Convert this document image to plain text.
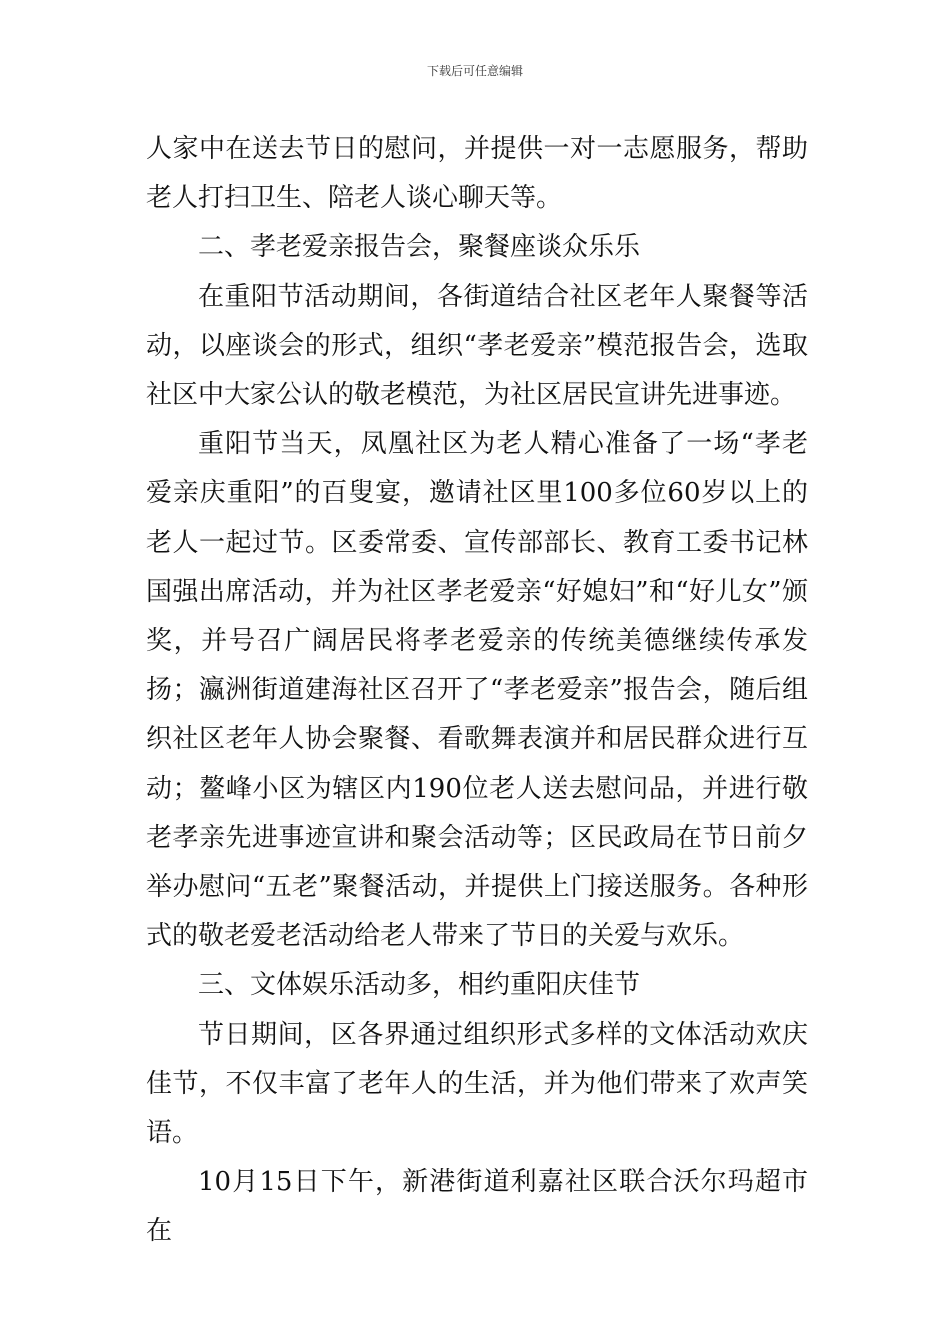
下载后可任意编辑

人家中在送去节日的慰问，并提供一对一志愿服务，帮助老人打扫卫生、陪老人谈心聊天等。

二、孝老爱亲报告会，聚餐座谈众乐乐

在重阳节活动期间，各街道结合社区老年人聚餐等活动，以座谈会的形式，组织“孝老爱亲”模范报告会，选取社区中大家公认的敬老模范，为社区居民宣讲先进事迹。

重阳节当天，凤凰社区为老人精心准备了一场“孝老爱亲庆重阳”的百叟宴，邀请社区里100多位60岁以上的老人一起过节。区委常委、宣传部部长、教育工委书记林国强出席活动，并为社区孝老爱亲“好媳妇”和“好儿女”颁奖，并号召广阔居民将孝老爱亲的传统美德继续传承发扬；瀛洲街道建海社区召开了“孝老爱亲”报告会，随后组织社区老年人协会聚餐、看歌舞表演并和居民群众进行互动；鳌峰小区为辖区内190位老人送去慰问品，并进行敬老孝亲先进事迹宣讲和聚会活动等；区民政局在节日前夕举办慰问“五老”聚餐活动，并提供上门接送服务。各种形式的敬老爱老活动给老人带来了节日的关爱与欢乐。

三、文体娱乐活动多，相约重阳庆佳节

节日期间，区各界通过组织形式多样的文体活动欢庆佳节，不仅丰富了老年人的生活，并为他们带来了欢声笑语。

10月15日下午，新港街道利嘉社区联合沃尔玛超市在
